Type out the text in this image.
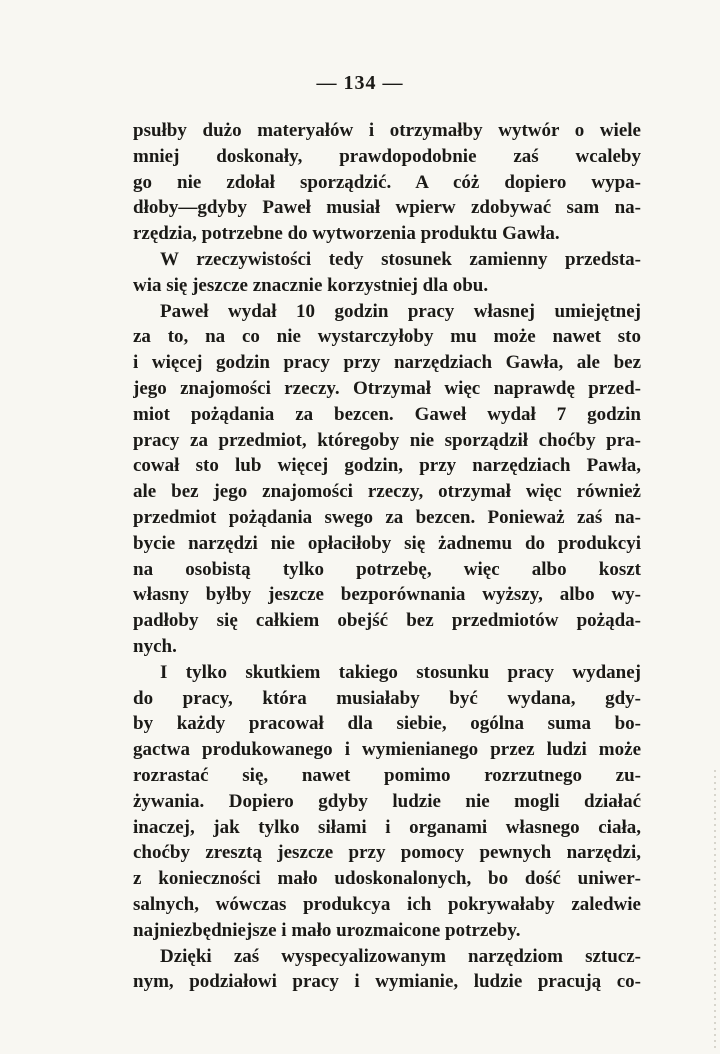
— 134 —
psułby dużo materyałów i otrzymałby wytwór o wiele
mniej doskonały, prawdopodobnie zaś wcaleby
go nie zdołał sporządzić. A cóż dopiero wypa‑
dłoby—gdyby Paweł musiał wpierw zdobywać sam na‑
rzędzia, potrzebne do wytworzenia produktu Gawła.
W rzeczywistości tedy stosunek zamienny przedsta‑
wia się jeszcze znacznie korzystniej dla obu.
Paweł wydał 10 godzin pracy własnej umiejętnej
za to, na co nie wystarczyłoby mu może nawet sto
i więcej godzin pracy przy narzędziach Gawła, ale bez
jego znajomości rzeczy. Otrzymał więc naprawdę przed‑
miot pożądania za bezcen. Gaweł wydał 7 godzin
pracy za przedmiot, któregoby nie sporządził choćby pra‑
cował sto lub więcej godzin, przy narzędziach Pawła,
ale bez jego znajomości rzeczy, otrzymał więc również
przedmiot pożądania swego za bezcen. Ponieważ zaś na‑
bycie narzędzi nie opłaciłoby się żadnemu do produkcyi
na osobistą tylko potrzebę, więc albo koszt
własny byłby jeszcze bezporównania wyższy, albo wy‑
padłoby się całkiem obejść bez przedmiotów pożąda‑
nych.
I tylko skutkiem takiego stosunku pracy wydanej
do pracy, która musiałaby być wydana, gdy‑
by każdy pracował dla siebie, ogólna suma bo‑
gactwa produkowanego i wymienianego przez ludzi może
rozrastać się, nawet pomimo rozrzutnego zu‑
żywania. Dopiero gdyby ludzie nie mogli działać
inaczej, jak tylko siłami i organami własnego ciała,
choćby zresztą jeszcze przy pomocy pewnych narzędzi,
z konieczności mało udoskonalonych, bo dość uniwer‑
salnych, wówczas produkcya ich pokrywałaby zaledwie
najniezbędniejsze i mało urozmaicone potrzeby.
Dzięki zaś wyspecyalizowanym narzędziom sztucz‑
nym, podziałowi pracy i wymianie, ludzie pracują co‑
